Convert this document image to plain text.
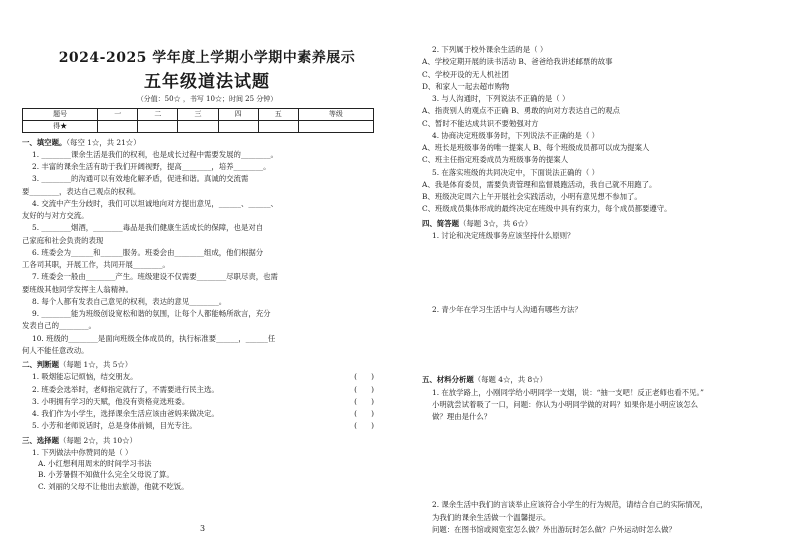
2024-2025 学年度上学期小学期中素养展示
五年级道法试题
（分值：50☆ ，书写 10☆；时间 25 分钟）
题号	一	二	三	四	五	等级
得★						
一、填空题。（每空 1☆，共 21☆）
1. ________课余生活是我们的权利，也是成长过程中需要发展的________。
2. 丰富的课余生活有助于我们开阔视野，提高________，培养________。
3. ________的沟通可以有效地化解矛盾，促进和谐。真诚的交流需
要________，表达自己观点的权利。
4. 交流中产生分歧时，我们可以坦诚地向对方提出意见，______、______、
友好的与对方交流。
5. ________烟酒，________毒品是我们健康生活成长的保障，也是对自
己家庭和社会负责的表现
6. 班委会为______和______服务。班委会由________组成，他们根据分
工各司其职，开展工作，共同开展________。
7. 班委会一般由________产生。班级建设不仅需要________尽职尽责，也需
要班级其他同学发挥主人翁精神。
8. 每个人都有发表自己意见的权利，表达的意见________。
9. ________能为班级创设宽松和谐的氛围，让每个人都能畅所欲言，充分
发表自己的________。
10. 班级的________是面向班级全体成员的，执行标准要______，______任
何人不能任意改动。
二、判断题（每题 1☆，共 5☆）
1. 吸烟能忘记烦恼，结交朋友。	(      )
2. 班委会选举时，老师指定就行了，不需要进行民主选。	(      )
3. 小明拥有学习的天赋，他没有资格竞选班委。	(      )
4. 我们作为小学生，选择课余生活应该由爸妈来做决定。	(      )
5. 小芳和老师说话时，总是身体前倾，目光专注。	(      )
三、选择题（每题 2☆，共 10☆）
1. 下列做法中你赞同的是（ ）
A. 小红想利用周末的时间学习书法
B. 小芳暑假不知做什么完全父母说了算。
C. 刘丽的父母不让他出去旅游，他就不吃饭。
3
2. 下列属于校外课余生活的是（ ）
A、学校定期开展的读书活动 B、爸爸给我讲述邮票的故事
C、学校开设的无人机社团
D、和家人一起去超市购物
3. 与人沟通时，下列说法不正确的是（ ）
A、指责别人的观点不正确 B、勇敢的向对方表达自己的观点
C、暂时不能达成共识不要勉强对方
4. 协商决定班级事务时，下列说法不正确的是（ ）
A、班长是班级事务的唯一提案人 B、每个班级成员都可以成为提案人
C、班主任指定班委成员为班级事务的提案人
5. 在落实班级的共同决定中，下面说法正确的（ ）
A、我是体育委员，需要负责管理和监督晨跑活动，我自己就不用跑了。
B、班级决定周六上午开展社会实践活动，小明有意见想不参加了。
C、班级成员集体形成的最终决定在班级中具有约束力，每个成员都要遵守。
四、简答题（每题 3☆，共 6☆）
1. 讨论和决定班级事务应该坚持什么原则？
2. 青少年在学习生活中与人沟通有哪些方法？
五、材料分析题（每题 4☆，共 8☆）
1. 在放学路上，小刚同学给小明同学一支烟，说：“抽一支吧！反正老师也看不见。”
小明就尝试着吸了一口，问题：你认为小明同学做的对吗？如果你是小明应该怎么
做？理由是什么？
2. 课余生活中我们的言谈举止应该符合小学生的行为规范，请结合自己的实际情况，
为我们的课余生活做一个温馨提示。
问题：在图书馆或阅览室怎么做？外出游玩时怎么做？户外运动时怎么做？
